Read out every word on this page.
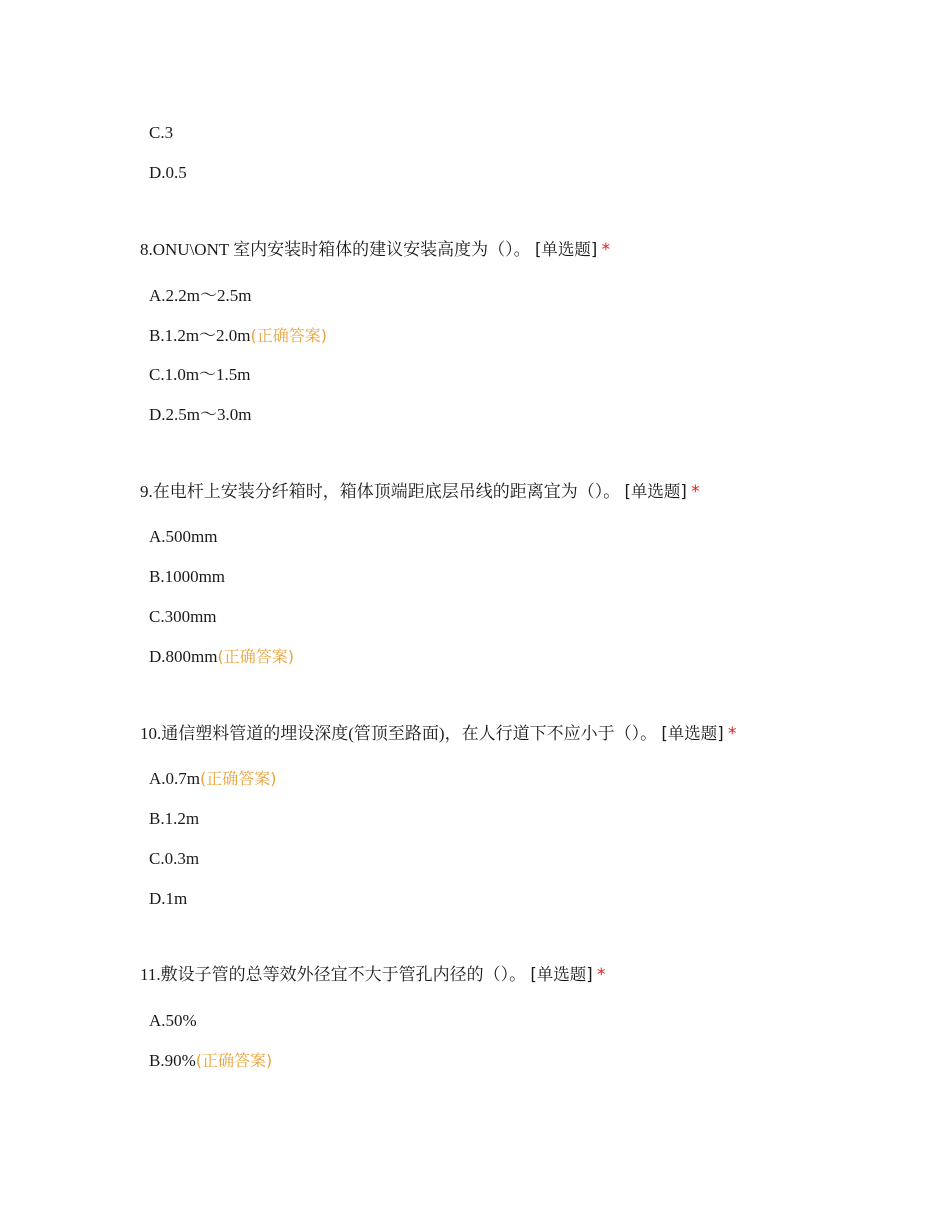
C.3
D.0.5
8.ONU\ONT 室内安装时箱体的建议安装高度为（）。 [单选题] *
A.2.2m～2.5m
B.1.2m～2.0m(正确答案)
C.1.0m～1.5m
D.2.5m～3.0m
9.在电杆上安装分纤箱时，箱体顶端距底层吊线的距离宜为（）。 [单选题] *
A.500mm
B.1000mm
C.300mm
D.800mm(正确答案)
10.通信塑料管道的埋设深度(管顶至路面)，在人行道下不应小于（）。 [单选题] *
A.0.7m(正确答案)
B.1.2m
C.0.3m
D.1m
11.敷设子管的总等效外径宜不大于管孔内径的（）。 [单选题] *
A.50%
B.90%(正确答案)
